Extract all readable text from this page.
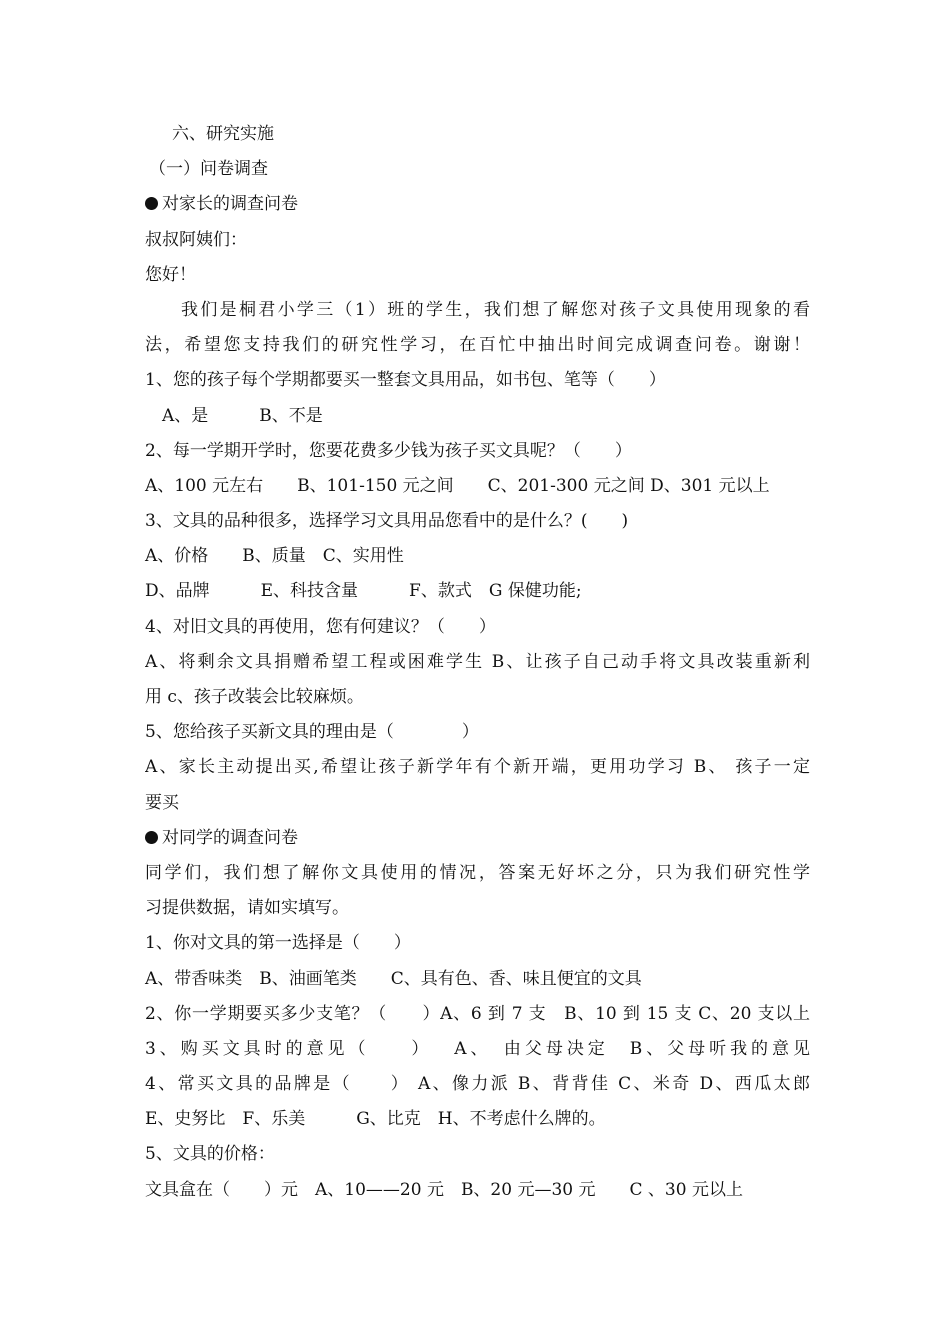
六、研究实施
（一）问卷调查
对家长的调查问卷
叔叔阿姨们：
您好！
我们是桐君小学三（1）班的学生，我们想了解您对孩子文具使用现象的看
法，希望您支持我们的研究性学习，在百忙中抽出时间完成调查问卷。谢谢！
1、您的孩子每个学期都要买一整套文具用品，如书包、笔等（　　）
A、是　　　B、不是
2、每一学期开学时，您要花费多少钱为孩子买文具呢？（　　）
A、100 元左右　　B、101-150 元之间　　C、201-300 元之间 D、301 元以上
3、文具的品种很多，选择学习文具用品您看中的是什么？(　　)
A、价格　　B、质量　C、实用性
D、品牌　　　E、科技含量　　　F、款式　G 保健功能;
4、对旧文具的再使用，您有何建议？（　　）
A、将剩余文具捐赠希望工程或困难学生 B、让孩子自己动手将文具改装重新利
用 c、孩子改装会比较麻烦。
5、您给孩子买新文具的理由是（　　　　）
A、家长主动提出买,希望让孩子新学年有个新开端，更用功学习 B、 孩子一定
要买
对同学的调查问卷
同学们，我们想了解你文具使用的情况，答案无好坏之分，只为我们研究性学
习提供数据，请如实填写。
1、你对文具的第一选择是（　　）
A、带香味类　B、油画笔类　　C、具有色、香、味且便宜的文具
2、你一学期要买多少支笔？（　　）A、6 到 7 支　B、10 到 15 支 C、20 支以上
3、购买文具时的意见（　　）　 A、　由父母决定　B、父母听我的意见
4、常买文具的品牌是（　　） A、像力派 B、背背佳 C、米奇 D、西瓜太郎
E、史努比　F、乐美　　　G、比克　H、不考虑什么牌的。
5、文具的价格：
文具盒在（　　）元　A、10——20 元　B、20 元—30 元　　C 、30 元以上
